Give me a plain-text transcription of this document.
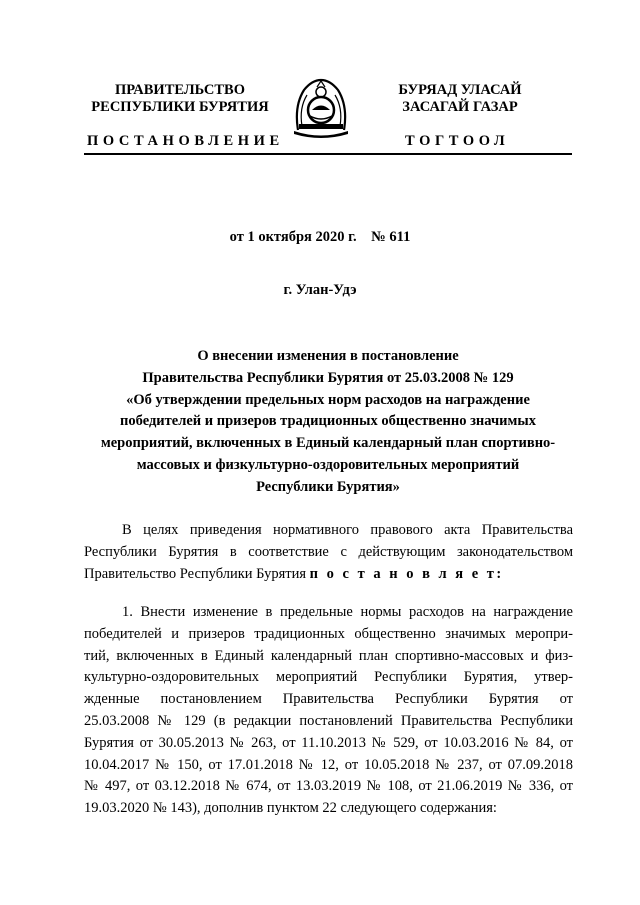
ПРАВИТЕЛЬСТВО
РЕСПУБЛИКИ БУРЯТИЯ
БУРЯАД УЛАСАЙ
ЗАСАГАЙ ГАЗАР
ПОСТАНОВЛЕНИЕ	ТОГТООЛ
от 1 октября 2020 г.    № 611
г. Улан-Удэ
О внесении изменения в постановление
Правительства Республики Бурятия от 25.03.2008 № 129
«Об утверждении предельных норм расходов на награждение
победителей и призеров традиционных общественно значимых
мероприятий, включенных в Единый календарный план спортивно-
массовых и физкультурно-оздоровительных мероприятий
Республики Бурятия»
В целях приведения нормативного правового акта Правительства
Республики Бурятия в соответствие с действующим законодательством
Правительство Республики Бурятия п о с т а н о в л я е т:
1. Внести изменение в предельные нормы расходов на награждение
победителей и призеров традиционных общественно значимых меропри-
тий, включенных в Единый календарный план спортивно-массовых и физ-
культурно-оздоровительных мероприятий Республики Бурятия, утвер-
жденные постановлением Правительства Республики Бурятия от
25.03.2008 № 129 (в редакции постановлений Правительства Республики
Бурятия от 30.05.2013 № 263, от 11.10.2013 № 529, от 10.03.2016 № 84, от
10.04.2017 № 150, от 17.01.2018 № 12, от 10.05.2018 № 237, от 07.09.2018
№ 497, от 03.12.2018 № 674, от 13.03.2019 № 108, от 21.06.2019 № 336, от
19.03.2020 № 143), дополнив пунктом 22 следующего содержания:
